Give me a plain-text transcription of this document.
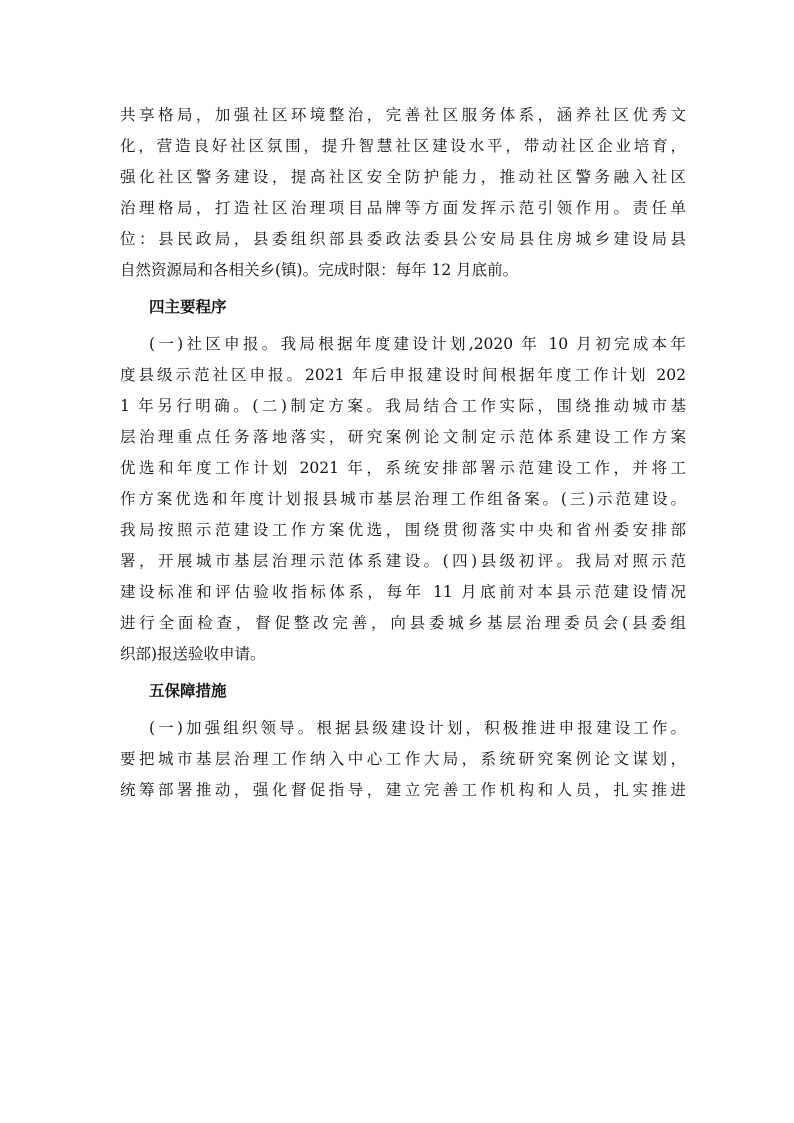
共享格局，加强社区环境整治，完善社区服务体系，涵养社区优秀文
化，营造良好社区氛围，提升智慧社区建设水平，带动社区企业培育，
强化社区警务建设，提高社区安全防护能力，推动社区警务融入社区
治理格局，打造社区治理项目品牌等方面发挥示范引领作用。责任单
位：县民政局，县委组织部县委政法委县公安局县住房城乡建设局县
自然资源局和各相关乡(镇)。完成时限：每年 12 月底前。
四主要程序
(一)社区申报。我局根据年度建设计划,2020 年 10 月初完成本年
度县级示范社区申报。2021 年后申报建设时间根据年度工作计划 202
1 年另行明确。(二)制定方案。我局结合工作实际，围绕推动城市基
层治理重点任务落地落实，研究案例论文制定示范体系建设工作方案
优选和年度工作计划 2021 年，系统安排部署示范建设工作，并将工
作方案优选和年度计划报县城市基层治理工作组备案。(三)示范建设。
我局按照示范建设工作方案优选，围绕贯彻落实中央和省州委安排部
署，开展城市基层治理示范体系建设。(四)县级初评。我局对照示范
建设标准和评估验收指标体系，每年 11 月底前对本县示范建设情况
进行全面检查，督促整改完善，向县委城乡基层治理委员会(县委组
织部)报送验收申请。
五保障措施
(一)加强组织领导。根据县级建设计划，积极推进申报建设工作。
要把城市基层治理工作纳入中心工作大局，系统研究案例论文谋划，
统筹部署推动，强化督促指导，建立完善工作机构和人员，扎实推进
